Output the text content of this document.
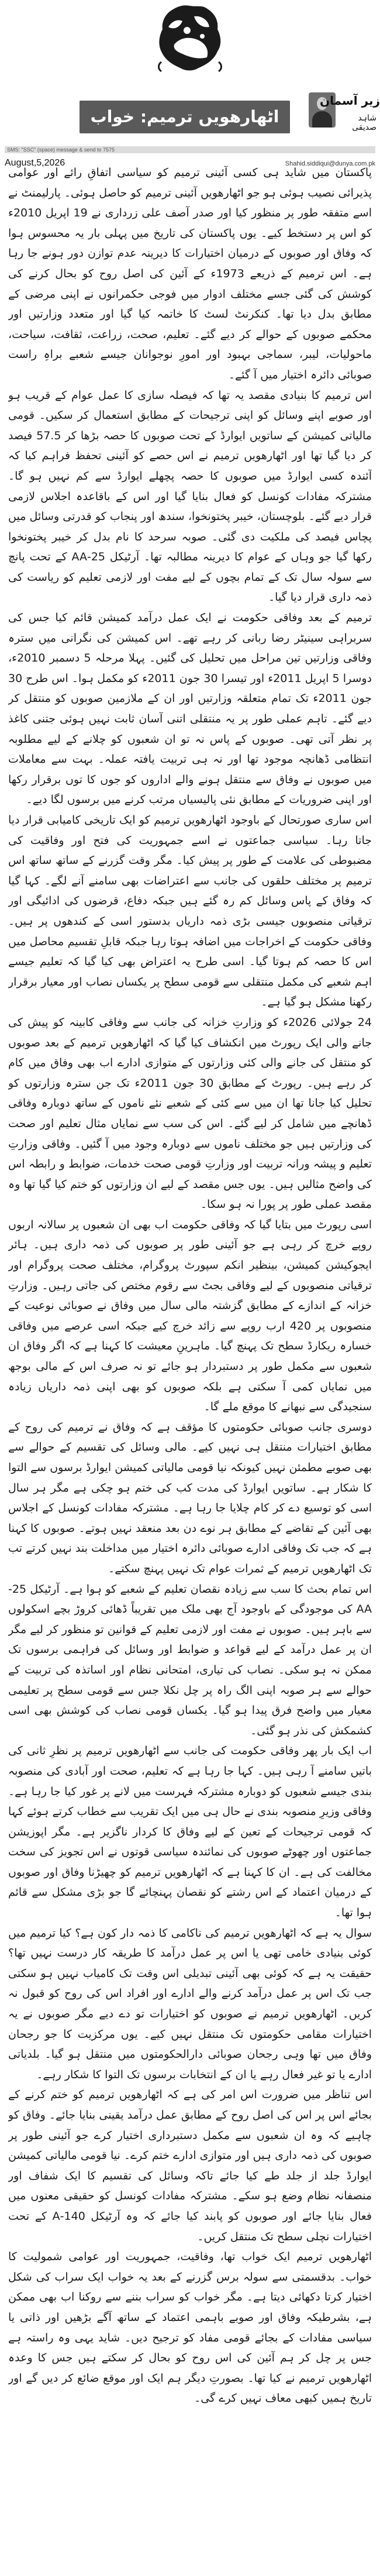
اٹھارھویں ترمیم: خواب
زیر آسمان
شاہد صدیقی
SMS: "SSC" (space) message & send to 7575
August,5,2026	Shahid.siddiqui@dunya.com.pk

پاکستان میں شاید ہی کسی آئینی ترمیم کو سیاسی اتفاقِ رائے اور عوامی پذیرائی نصیب ہوئی ہو جو اٹھارھویں آئینی ترمیم کو حاصل ہوئی۔ پارلیمنٹ نے اسے متفقہ طور پر منظور کیا اور صدر آصف علی زرداری نے 19 اپریل 2010ء کو اس پر دستخط کیے۔ یوں پاکستان کی تاریخ میں پہلی بار یہ محسوس ہوا کہ وفاق اور صوبوں کے درمیان اختیارات کا دیرینہ عدم توازن دور ہونے جا رہا ہے۔ اس ترمیم کے ذریعے 1973ء کے آئین کی اصل روح کو بحال کرنے کی کوشش کی گئی جسے مختلف ادوار میں فوجی حکمرانوں نے اپنی مرضی کے مطابق بدل دیا تھا۔ کنکرنٹ لسٹ کا خاتمہ کیا گیا اور متعدد وزارتیں اور محکمے صوبوں کے حوالے کر دیے گئے۔ تعلیم، صحت، زراعت، ثقافت، سیاحت، ماحولیات، لیبر، سماجی بہبود اور امورِ نوجوانان جیسے شعبے براہِ راست صوبائی دائرہ اختیار میں آ گئے۔

اس ترمیم کا بنیادی مقصد یہ تھا کہ فیصلہ سازی کا عمل عوام کے قریب ہو اور صوبے اپنے وسائل کو اپنی ترجیحات کے مطابق استعمال کر سکیں۔ قومی مالیاتی کمیشن کے ساتویں ایوارڈ کے تحت صوبوں کا حصہ بڑھا کر 57.5 فیصد کر دیا گیا تھا اور اٹھارھویں ترمیم نے اس حصے کو آئینی تحفظ فراہم کیا کہ آئندہ کسی ایوارڈ میں صوبوں کا حصہ پچھلے ایوارڈ سے کم نہیں ہو گا۔ مشترکہ مفادات کونسل کو فعال بنایا گیا اور اس کے باقاعدہ اجلاس لازمی قرار دیے گئے۔ بلوچستان، خیبر پختونخوا، سندھ اور پنجاب کو قدرتی وسائل میں پچاس فیصد کی ملکیت دی گئی۔ صوبہ سرحد کا نام بدل کر خیبر پختونخوا رکھا گیا جو وہاں کے عوام کا دیرینہ مطالبہ تھا۔ آرٹیکل 25-AA کے تحت پانچ سے سولہ سال تک کے تمام بچوں کے لیے مفت اور لازمی تعلیم کو ریاست کی ذمہ داری قرار دیا گیا۔

ترمیم کے بعد وفاقی حکومت نے ایک عمل درآمد کمیشن قائم کیا جس کی سربراہی سینیٹر رضا ربانی کر رہے تھے۔ اس کمیشن کی نگرانی میں سترہ وفاقی وزارتیں تین مراحل میں تحلیل کی گئیں۔ پہلا مرحلہ 5 دسمبر 2010ء، دوسرا 5 اپریل 2011ء اور تیسرا 30 جون 2011ء کو مکمل ہوا۔ اس طرح 30 جون 2011ء تک تمام متعلقہ وزارتیں اور ان کے ملازمین صوبوں کو منتقل کر دیے گئے۔ تاہم عملی طور پر یہ منتقلی اتنی آسان ثابت نہیں ہوئی جتنی کاغذ پر نظر آتی تھی۔ صوبوں کے پاس نہ تو ان شعبوں کو چلانے کے لیے مطلوبہ انتظامی ڈھانچہ موجود تھا اور نہ ہی تربیت یافتہ عملہ۔ بہت سے معاملات میں صوبوں نے وفاق سے منتقل ہونے والے اداروں کو جوں کا توں برقرار رکھا اور اپنی ضروریات کے مطابق نئی پالیسیاں مرتب کرنے میں برسوں لگا دیے۔

اس ساری صورتحال کے باوجود اٹھارھویں ترمیم کو ایک تاریخی کامیابی قرار دیا جاتا رہا۔ سیاسی جماعتوں نے اسے جمہوریت کی فتح اور وفاقیت کی مضبوطی کی علامت کے طور پر پیش کیا۔ مگر وقت گزرنے کے ساتھ ساتھ اس ترمیم پر مختلف حلقوں کی جانب سے اعتراضات بھی سامنے آنے لگے۔ کہا گیا کہ وفاق کے پاس وسائل کم رہ گئے ہیں جبکہ دفاع، قرضوں کی ادائیگی اور ترقیاتی منصوبوں جیسی بڑی ذمہ داریاں بدستور اسی کے کندھوں پر ہیں۔ وفاقی حکومت کے اخراجات میں اضافہ ہوتا رہا جبکہ قابلِ تقسیم محاصل میں اس کا حصہ کم ہوتا گیا۔ اسی طرح یہ اعتراض بھی کیا گیا کہ تعلیم جیسے اہم شعبے کی مکمل منتقلی سے قومی سطح پر یکساں نصاب اور معیار برقرار رکھنا مشکل ہو گیا ہے۔

24 جولائی 2026ء کو وزارتِ خزانہ کی جانب سے وفاقی کابینہ کو پیش کی جانے والی ایک رپورٹ میں انکشاف کیا گیا کہ اٹھارھویں ترمیم کے بعد صوبوں کو منتقل کی جانے والی کئی وزارتوں کے متوازی ادارے اب بھی وفاق میں کام کر رہے ہیں۔ رپورٹ کے مطابق 30 جون 2011ء تک جن سترہ وزارتوں کو تحلیل کیا جانا تھا ان میں سے کئی کے شعبے نئے ناموں کے ساتھ دوبارہ وفاقی ڈھانچے میں شامل کر لیے گئے۔ اس کی سب سے نمایاں مثال تعلیم اور صحت کی وزارتیں ہیں جو مختلف ناموں سے دوبارہ وجود میں آ گئیں۔ وفاقی وزارتِ تعلیم و پیشہ ورانہ تربیت اور وزارتِ قومی صحت خدمات، ضوابط و رابطہ اس کی واضح مثالیں ہیں۔ یوں جس مقصد کے لیے ان وزارتوں کو ختم کیا گیا تھا وہ مقصد عملی طور پر پورا نہ ہو سکا۔

اسی رپورٹ میں بتایا گیا کہ وفاقی حکومت اب بھی ان شعبوں پر سالانہ اربوں روپے خرچ کر رہی ہے جو آئینی طور پر صوبوں کی ذمہ داری ہیں۔ ہائر ایجوکیشن کمیشن، بینظیر انکم سپورٹ پروگرام، مختلف صحت پروگرام اور ترقیاتی منصوبوں کے لیے وفاقی بجٹ سے رقوم مختص کی جاتی رہیں۔ وزارتِ خزانہ کے اندازے کے مطابق گزشتہ مالی سال میں وفاق نے صوبائی نوعیت کے منصوبوں پر 420 ارب روپے سے زائد خرچ کیے جبکہ اسی عرصے میں وفاقی خسارہ ریکارڈ سطح تک پہنچ گیا۔ ماہرینِ معیشت کا کہنا ہے کہ اگر وفاق ان شعبوں سے مکمل طور پر دستبردار ہو جائے تو نہ صرف اس کے مالی بوجھ میں نمایاں کمی آ سکتی ہے بلکہ صوبوں کو بھی اپنی ذمہ داریاں زیادہ سنجیدگی سے نبھانے کا موقع ملے گا۔

دوسری جانب صوبائی حکومتوں کا مؤقف ہے کہ وفاق نے ترمیم کی روح کے مطابق اختیارات منتقل ہی نہیں کیے۔ مالی وسائل کی تقسیم کے حوالے سے بھی صوبے مطمئن نہیں کیونکہ نیا قومی مالیاتی کمیشن ایوارڈ برسوں سے التوا کا شکار ہے۔ ساتویں ایوارڈ کی مدت کب کی ختم ہو چکی ہے مگر ہر سال اسی کو توسیع دے کر کام چلایا جا رہا ہے۔ مشترکہ مفادات کونسل کے اجلاس بھی آئین کے تقاضے کے مطابق ہر نوے دن بعد منعقد نہیں ہوتے۔ صوبوں کا کہنا ہے کہ جب تک وفاقی ادارے صوبائی دائرہ اختیار میں مداخلت بند نہیں کرتے تب تک اٹھارھویں ترمیم کے ثمرات عوام تک نہیں پہنچ سکتے۔

اس تمام بحث کا سب سے زیادہ نقصان تعلیم کے شعبے کو ہوا ہے۔ آرٹیکل 25-AA کی موجودگی کے باوجود آج بھی ملک میں تقریباً ڈھائی کروڑ بچے اسکولوں سے باہر ہیں۔ صوبوں نے مفت اور لازمی تعلیم کے قوانین تو منظور کر لیے مگر ان پر عمل درآمد کے لیے قواعد و ضوابط اور وسائل کی فراہمی برسوں تک ممکن نہ ہو سکی۔ نصاب کی تیاری، امتحانی نظام اور اساتذہ کی تربیت کے حوالے سے ہر صوبہ اپنی الگ راہ پر چل نکلا جس سے قومی سطح پر تعلیمی معیار میں واضح فرق پیدا ہو گیا۔ یکساں قومی نصاب کی کوشش بھی اسی کشمکش کی نذر ہو گئی۔

اب ایک بار پھر وفاقی حکومت کی جانب سے اٹھارھویں ترمیم پر نظرِ ثانی کی باتیں سامنے آ رہی ہیں۔ کہا جا رہا ہے کہ تعلیم، صحت اور آبادی کی منصوبہ بندی جیسے شعبوں کو دوبارہ مشترکہ فہرست میں لانے پر غور کیا جا رہا ہے۔ وفاقی وزیرِ منصوبہ بندی نے حال ہی میں ایک تقریب سے خطاب کرتے ہوئے کہا کہ قومی ترجیحات کے تعین کے لیے وفاق کا کردار ناگزیر ہے۔ مگر اپوزیشن جماعتوں اور چھوٹے صوبوں کی نمائندہ سیاسی قوتوں نے اس تجویز کی سخت مخالفت کی ہے۔ ان کا کہنا ہے کہ اٹھارھویں ترمیم کو چھیڑنا وفاق اور صوبوں کے درمیان اعتماد کے اس رشتے کو نقصان پہنچائے گا جو بڑی مشکل سے قائم ہوا تھا۔

سوال یہ ہے کہ اٹھارھویں ترمیم کی ناکامی کا ذمہ دار کون ہے؟ کیا ترمیم میں کوئی بنیادی خامی تھی یا اس پر عمل درآمد کا طریقہ کار درست نہیں تھا؟ حقیقت یہ ہے کہ کوئی بھی آئینی تبدیلی اس وقت تک کامیاب نہیں ہو سکتی جب تک اس پر عمل درآمد کرنے والے ادارے اور افراد اس کی روح کو قبول نہ کریں۔ اٹھارھویں ترمیم نے صوبوں کو اختیارات تو دے دیے مگر صوبوں نے یہ اختیارات مقامی حکومتوں تک منتقل نہیں کیے۔ یوں مرکزیت کا جو رجحان وفاق میں تھا وہی رجحان صوبائی دارالحکومتوں میں منتقل ہو گیا۔ بلدیاتی ادارے یا تو غیر فعال رہے یا ان کے انتخابات برسوں تک التوا کا شکار رہے۔

اس تناظر میں ضرورت اس امر کی ہے کہ اٹھارھویں ترمیم کو ختم کرنے کے بجائے اس پر اس کی اصل روح کے مطابق عمل درآمد یقینی بنایا جائے۔ وفاق کو چاہیے کہ وہ ان شعبوں سے مکمل دستبرداری اختیار کرے جو آئینی طور پر صوبوں کی ذمہ داری ہیں اور متوازی ادارے ختم کرے۔ نیا قومی مالیاتی کمیشن ایوارڈ جلد از جلد طے کیا جائے تاکہ وسائل کی تقسیم کا ایک شفاف اور منصفانہ نظام وضع ہو سکے۔ مشترکہ مفادات کونسل کو حقیقی معنوں میں فعال بنایا جائے اور صوبوں کو پابند کیا جائے کہ وہ آرٹیکل 140-A کے تحت اختیارات نچلی سطح تک منتقل کریں۔

اٹھارھویں ترمیم ایک خواب تھا، وفاقیت، جمہوریت اور عوامی شمولیت کا خواب۔ بدقسمتی سے سولہ برس گزرنے کے بعد یہ خواب ایک سراب کی شکل اختیار کرتا دکھائی دیتا ہے۔ مگر خواب کو سراب بننے سے روکنا اب بھی ممکن ہے، بشرطیکہ وفاق اور صوبے باہمی اعتماد کے ساتھ آگے بڑھیں اور ذاتی یا سیاسی مفادات کے بجائے قومی مفاد کو ترجیح دیں۔ شاید یہی وہ راستہ ہے جس پر چل کر ہم آئین کی اس روح کو بحال کر سکتے ہیں جس کا وعدہ اٹھارھویں ترمیم نے کیا تھا۔ بصورتِ دیگر ہم ایک اور موقع ضائع کر دیں گے اور تاریخ ہمیں کبھی معاف نہیں کرے گی۔
